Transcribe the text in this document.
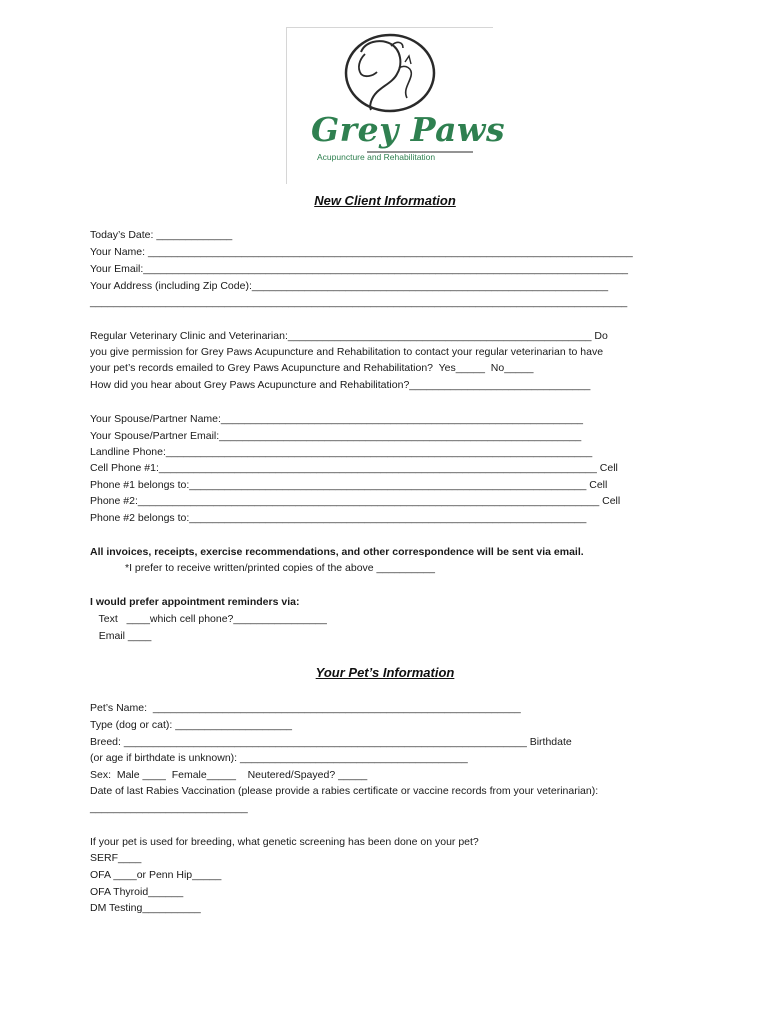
Grey Paws
Acupuncture and Rehabilitation
New Client Information
Today’s Date: _____________
Your Name: ___________________________________________________________________________________
Your Email:___________________________________________________________________________________
Your Address (including Zip Code):_____________________________________________________________
____________________________________________________________________________________________
Regular Veterinary Clinic and Veterinarian:____________________________________________________ Do
you give permission for Grey Paws Acupuncture and Rehabilitation to contact your regular veterinarian to have
your pet’s records emailed to Grey Paws Acupuncture and Rehabilitation?  Yes_____  No_____
How did you hear about Grey Paws Acupuncture and Rehabilitation?_______________________________
Your Spouse/Partner Name:______________________________________________________________
Your Spouse/Partner Email:______________________________________________________________
Landline Phone:_________________________________________________________________________
Cell Phone #1:___________________________________________________________________________ Cell
Phone #1 belongs to:____________________________________________________________________ Cell
Phone #2:_______________________________________________________________________________ Cell
Phone #2 belongs to:____________________________________________________________________
All invoices, receipts, exercise recommendations, and other correspondence will be sent via email.
*I prefer to receive written/printed copies of the above __________
I would prefer appointment reminders via:
Text   ____which cell phone?________________
Email ____
Your Pet’s Information
Pet’s Name:  _______________________________________________________________
Type (dog or cat): ____________________
Breed: _____________________________________________________________________ Birthdate
(or age if birthdate is unknown): _______________________________________
Sex:  Male ____  Female_____    Neutered/Spayed? _____
Date of last Rabies Vaccination (please provide a rabies certificate or vaccine records from your veterinarian):
___________________________
If your pet is used for breeding, what genetic screening has been done on your pet?
SERF____
OFA ____or Penn Hip_____
OFA Thyroid______
DM Testing__________
